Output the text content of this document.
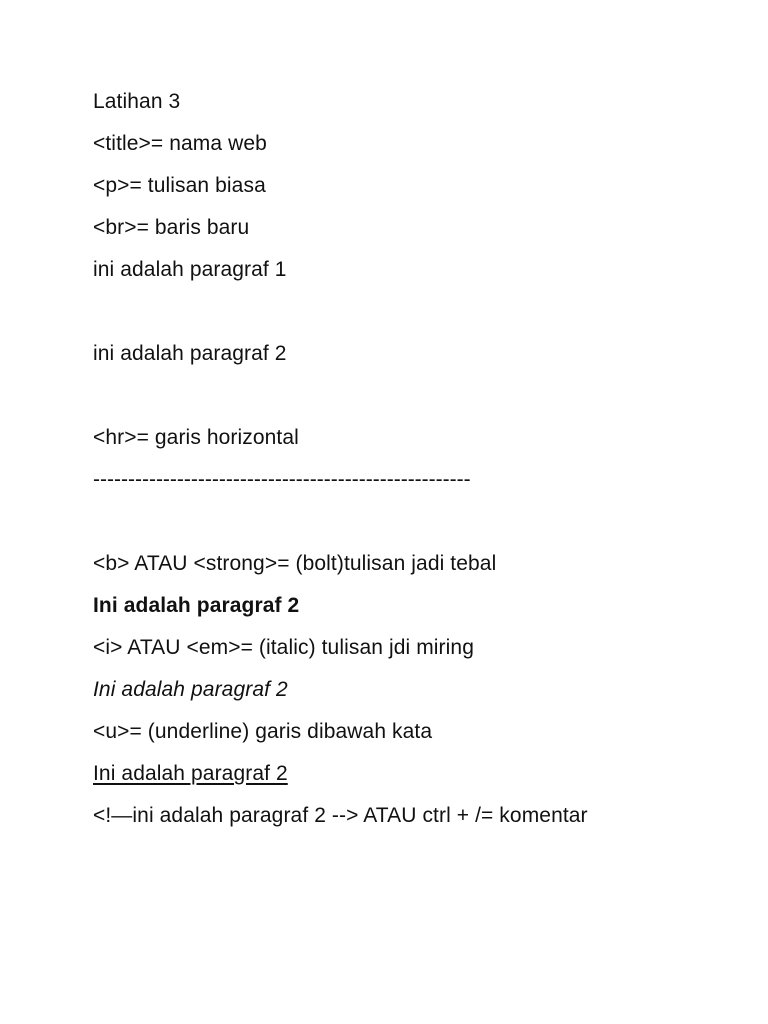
Latihan 3
<title>= nama web
<p>= tulisan biasa
<br>= baris baru
ini adalah paragraf 1
ini adalah paragraf 2
<hr>= garis horizontal
------------------------------------------------------
<b> ATAU <strong>= (bolt)tulisan jadi tebal
Ini adalah paragraf 2
<i> ATAU <em>= (italic) tulisan jdi miring
Ini adalah paragraf 2
<u>= (underline) garis dibawah kata
Ini adalah paragraf 2
<!—ini adalah paragraf 2 --> ATAU ctrl + /= komentar
